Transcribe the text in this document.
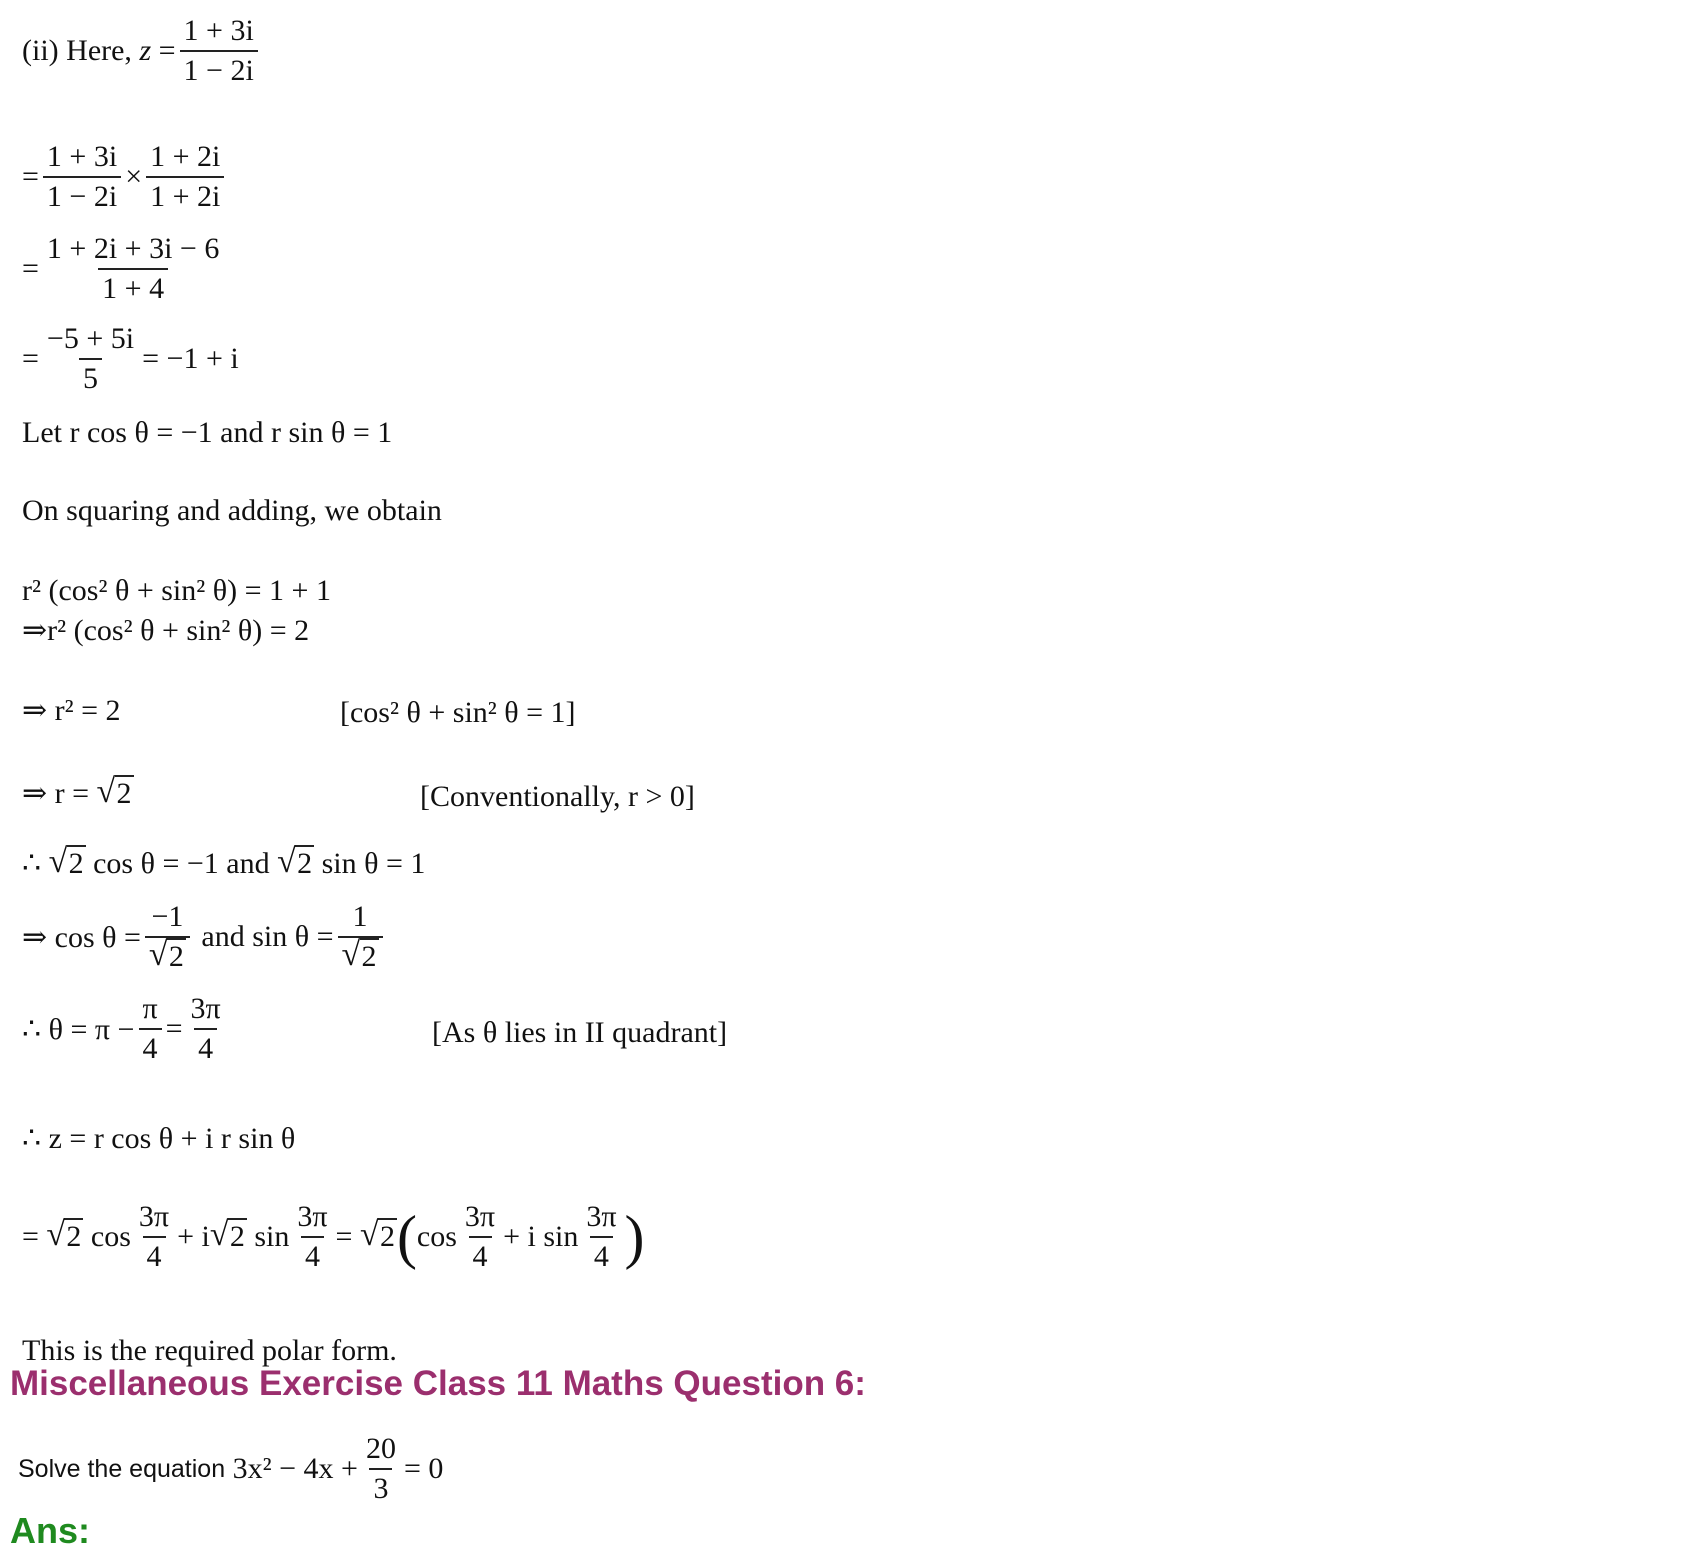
(ii) Here,
z
= $\frac{1 + 3i}{1 - 2i}$
= $\frac{1 + 3i}{1 - 2i} \times \frac{1 + 2i}{1 + 2i}$
= $\frac{1 + 2i + 3i - 6}{1 + 4}$
= $\frac{-5 + 5i}{5} = -1 + i$
Let r cos θ = −1 and r sin θ = 1
On squaring and adding, we obtain
r² (cos² θ + sin² θ) = 1 + 1
⇒r² (cos² θ + sin² θ) = 2
⇒ r² = 2	[cos² θ + sin² θ = 1]
⇒ r =
√ 2	[Conventionally, r > 0]
∴
√ 2
cos θ = −1 and
√ 2
sin θ = 1
⇒ cos θ = −1
√ 2
and sin θ = 1
√ 2
∴ $\theta = \pi - \frac{\pi}{4} = \frac{3\pi}{4}$	[As θ lies in II quadrant]
∴ z = r cos θ + i r sin θ
=
√ 2
$\cos \frac{3\pi}{4} + i$ √ 2
$\sin \frac{3\pi}{4}$ =
√ 2 ( $\cos \frac{3\pi}{4} + i$ $\sin \frac{3\pi}{4}$ )
This is the required polar form.
Miscellaneous Exercise Class 11 Maths Question 6:
Solve the equation
$3x^2 - 4x + \frac{20}{3} = 0$
Ans:
